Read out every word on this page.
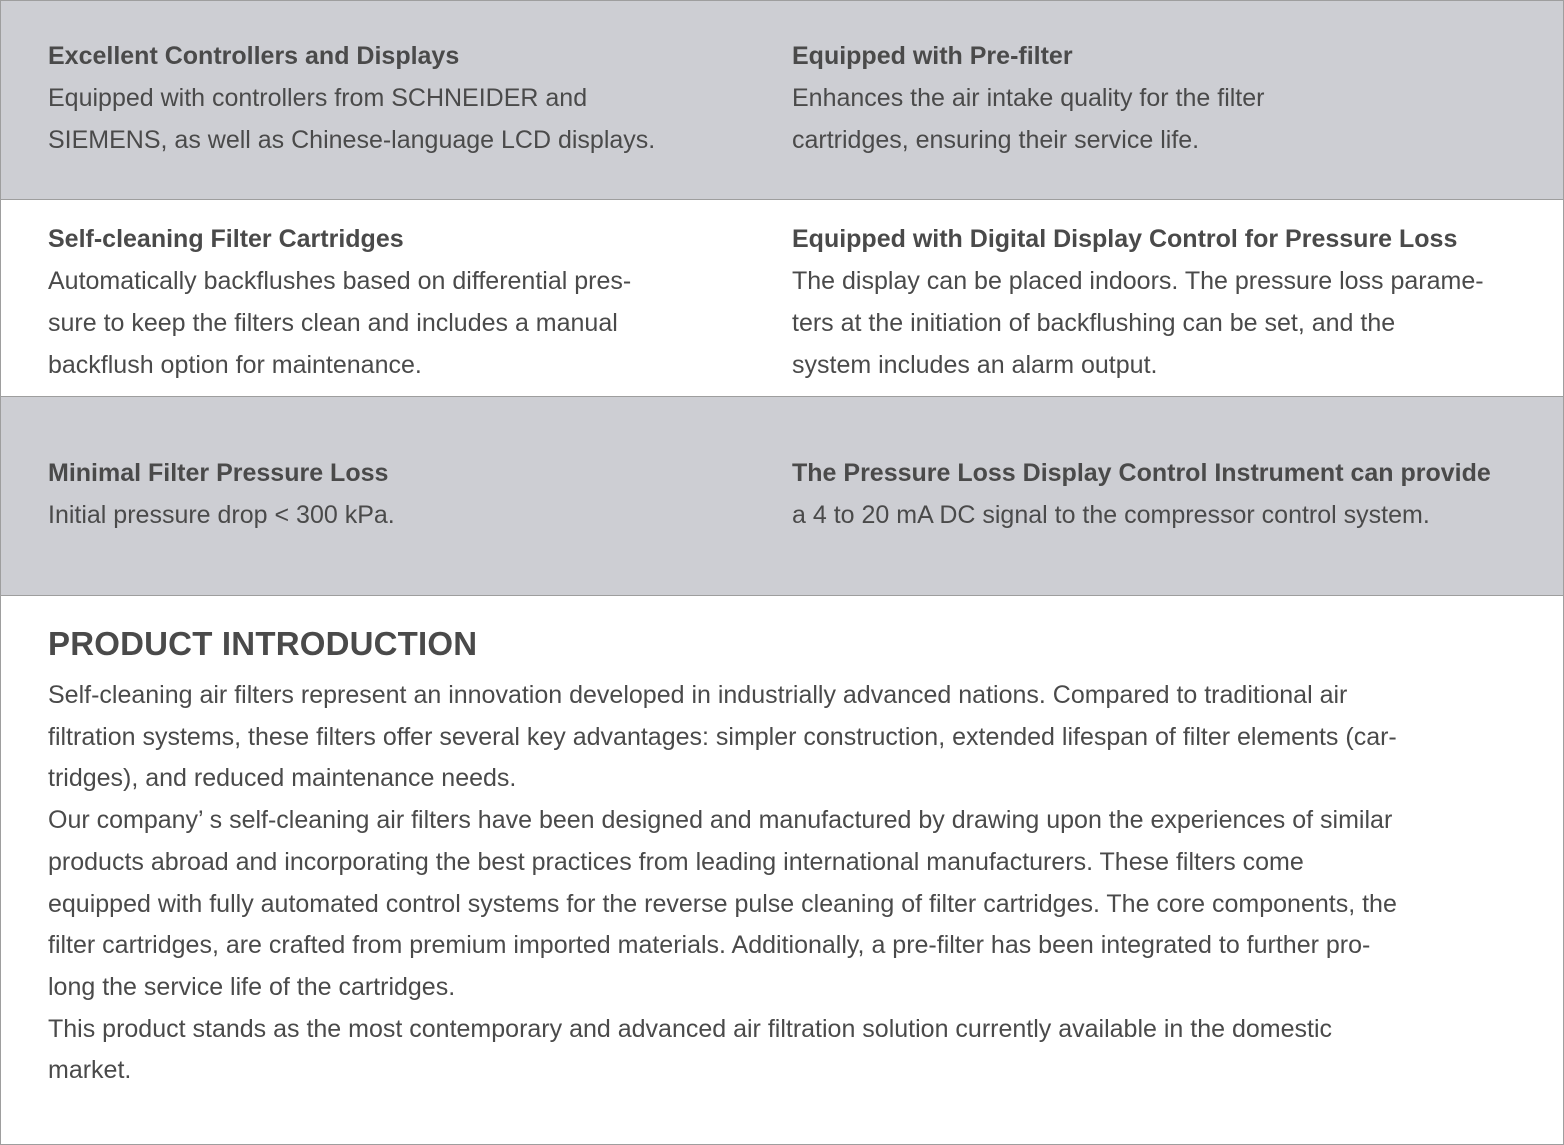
Excellent Controllers and Displays
Equipped with controllers from SCHNEIDER and
SIEMENS, as well as Chinese-language LCD displays.
Equipped with Pre-filter
Enhances the air intake quality for the filter
cartridges, ensuring their service life.
Self-cleaning Filter Cartridges
Automatically backflushes based on differential pres-
sure to keep the filters clean and includes a manual
backflush option for maintenance.
Equipped with Digital Display Control for Pressure Loss
The display can be placed indoors. The pressure loss parame-
ters at the initiation of backflushing can be set, and the
system includes an alarm output.
Minimal Filter Pressure Loss
Initial pressure drop < 300 kPa.
The Pressure Loss Display Control Instrument can provide
a 4 to 20 mA DC signal to the compressor control system.
PRODUCT INTRODUCTION
Self-cleaning air filters represent an innovation developed in industrially advanced nations. Compared to traditional air
filtration systems, these filters offer several key advantages: simpler construction, extended lifespan of filter elements (car-
tridges), and reduced maintenance needs.
Our company’ s self-cleaning air filters have been designed and manufactured by drawing upon the experiences of similar
products abroad and incorporating the best practices from leading international manufacturers. These filters come
equipped with fully automated control systems for the reverse pulse cleaning of filter cartridges. The core components, the
filter cartridges, are crafted from premium imported materials. Additionally, a pre-filter has been integrated to further pro-
long the service life of the cartridges.
This product stands as the most contemporary and advanced air filtration solution currently available in the domestic
market.
